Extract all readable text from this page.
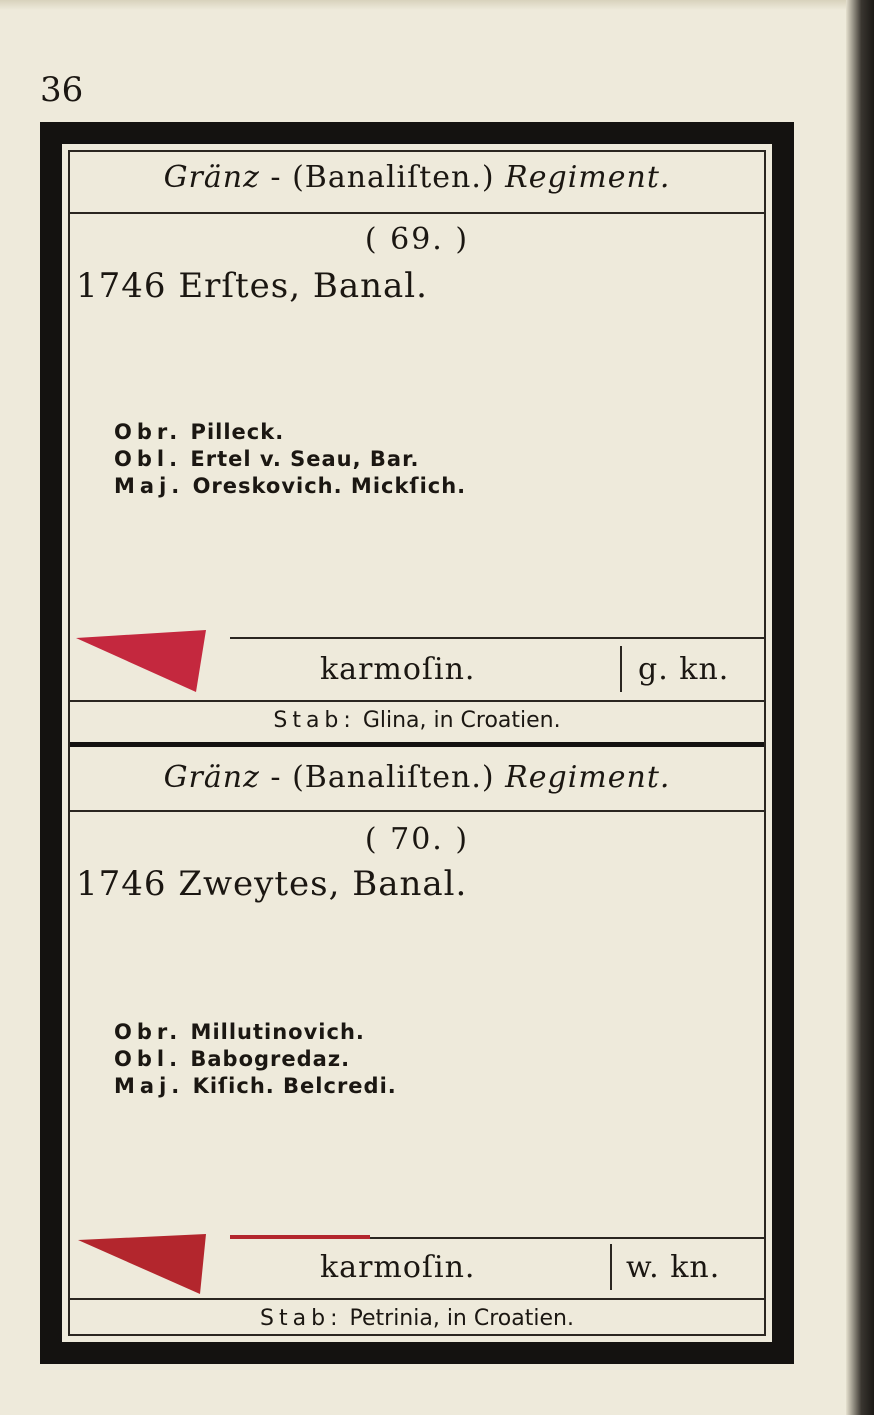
36
Gränz - (Banaliſten.) Regiment.
( 69. )
1746 Erſtes, Banal.
Obr. Pilleck.
Obl. Ertel v. Seau, Bar.
Maj. Oreskovich. Mickſich.
karmoſin.	g. kn.
Stab: Glina, in Croatien.
Gränz - (Banaliſten.) Regiment.
( 70. )
1746 Zweytes, Banal.
Obr. Millutinovich.
Obl. Babogredaz.
Maj. Kiſich. Belcredi.
karmoſin.	w. kn.
Stab: Petrinia, in Croatien.
